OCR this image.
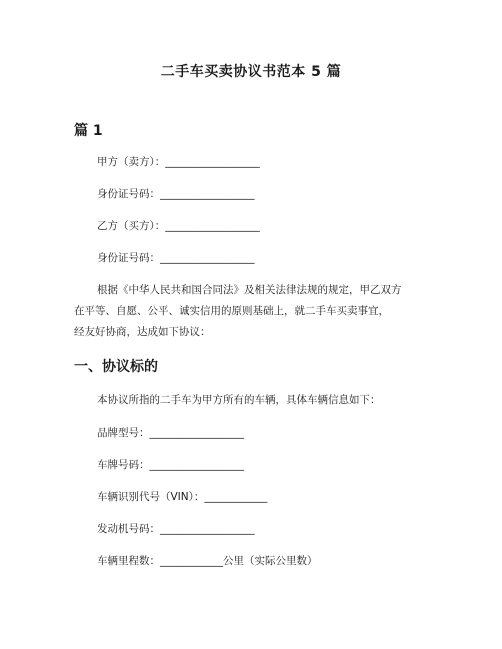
二手车买卖协议书范本 5 篇
篇 1
甲方（卖方）：__________________
身份证号码：__________________
乙方（买方）：__________________
身份证号码：__________________
根据《中华人民共和国合同法》及相关法律法规的规定，甲乙双方
在平等、自愿、公平、诚实信用的原则基础上，就二手车买卖事宜，
经友好协商，达成如下协议：
一、协议标的
本协议所指的二手车为甲方所有的车辆，具体车辆信息如下：
品牌型号：__________________
车牌号码：__________________
车辆识别代号（VIN）：____________
发动机号码：__________________
车辆里程数：____________公里（实际公里数）
